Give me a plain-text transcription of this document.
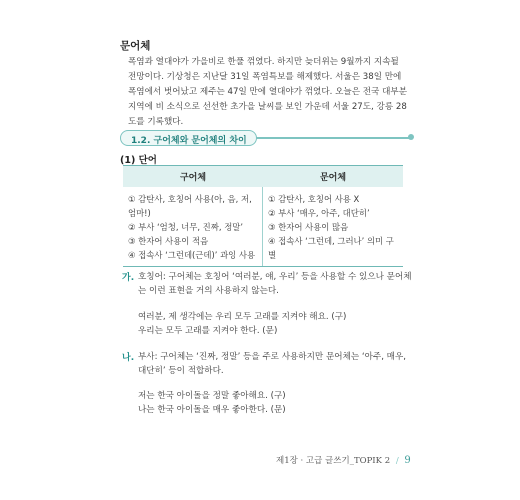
문어체
폭염과 열대야가 가을비로 한풀 꺾였다. 하지만 늦더위는 9월까지 지속될
전망이다. 기상청은 지난달 31일 폭염특보를 해제했다. 서울은 38일 만에
폭염에서 벗어났고 제주는 47일 만에 열대야가 꺾였다. 오늘은 전국 대부분
지역에 비 소식으로 선선한 초가을 날씨를 보인 가운데 서울 27도, 강릉 28
도를 기록했다.
1.2. 구어체와 문어체의 차이
(1) 단어
구어체	문어체
① 감탄사, 호칭어 사용(아, 음, 저,
엄마!)
② 부사 ‘엄청, 너무, 진짜, 정말’
③ 한자어 사용이 적음
④ 접속사 ‘그런데(근데)’ 과잉 사용
① 감탄사, 호칭어 사용 X
② 부사 ‘매우, 아주, 대단히’
③ 한자어 사용이 많음
④ 접속사 ‘그런데, 그러나’ 의미 구
별
가. 호칭어: 구어체는 호칭어 ‘여러분, 얘, 우리’ 등을 사용할 수 있으나 문어체
는 이런 표현을 거의 사용하지 않는다.
여러분, 제 생각에는 우리 모두 고래를 지켜야 해요. (구)
우리는 모두 고래를 지켜야 한다. (문)
나. 부사: 구어체는 ‘진짜, 정말’ 등을 주로 사용하지만 문어체는 ‘아주, 매우,
대단히’ 등이 적합하다.
저는 한국 아이돌을 정말 좋아해요. (구)
나는 한국 아이돌을 매우 좋아한다. (문)
제1장 · 고급 글쓰기_TOPIK 2 / 9
